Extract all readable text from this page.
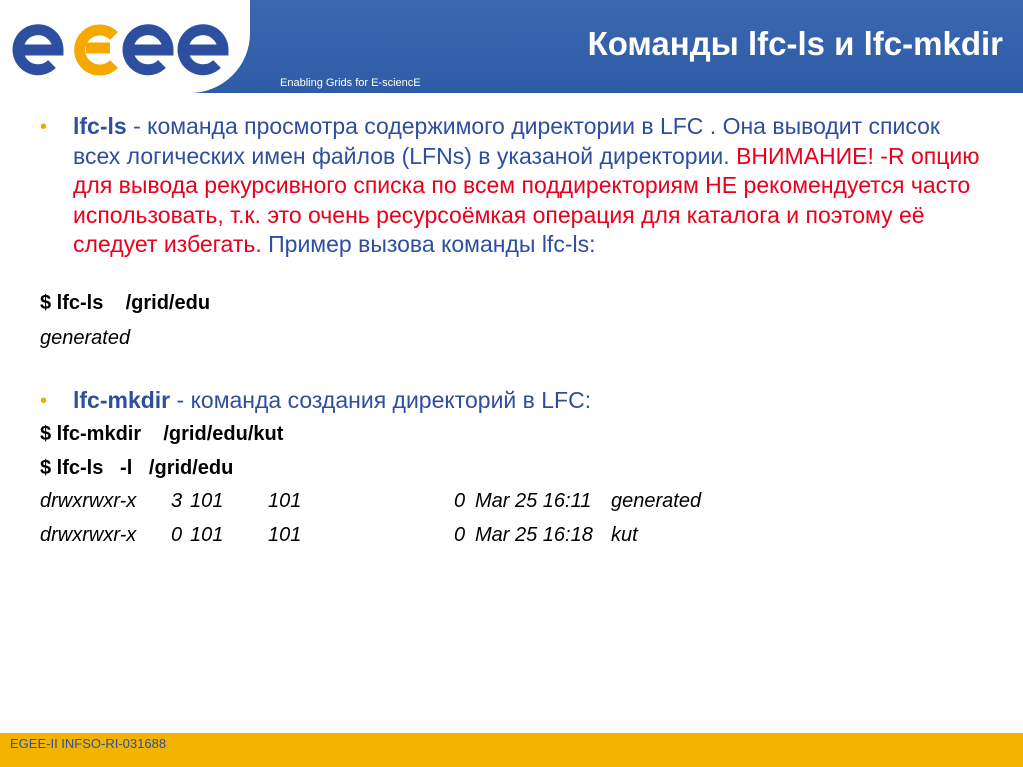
Команды lfc-ls и lfc-mkdir
Enabling Grids for E-sciencE
• lfc-ls - команда просмотра содержимого директории в LFC . Она выводит список всех логических имен файлов (LFNs) в указаной директории. ВНИМАНИЕ! -R опцию для вывода рекурсивного списка по всем поддиректориям НЕ рекомендуется часто использовать, т.к. это очень ресурсоёмкая операция для каталога и поэтому её следует избегать. Пример вызова команды lfc-ls:
$ lfc-ls    /grid/edu
generated
• lfc-mkdir - команда создания директорий в LFC:
$ lfc-mkdir    /grid/edu/kut
$ lfc-ls   -l   /grid/edu
drwxrwxr-x 3 101 101	0 Mar 25 16:11 generated
drwxrwxr-x 0 101 101	0 Mar 25 16:18 kut
EGEE-II INFSO-RI-031688
